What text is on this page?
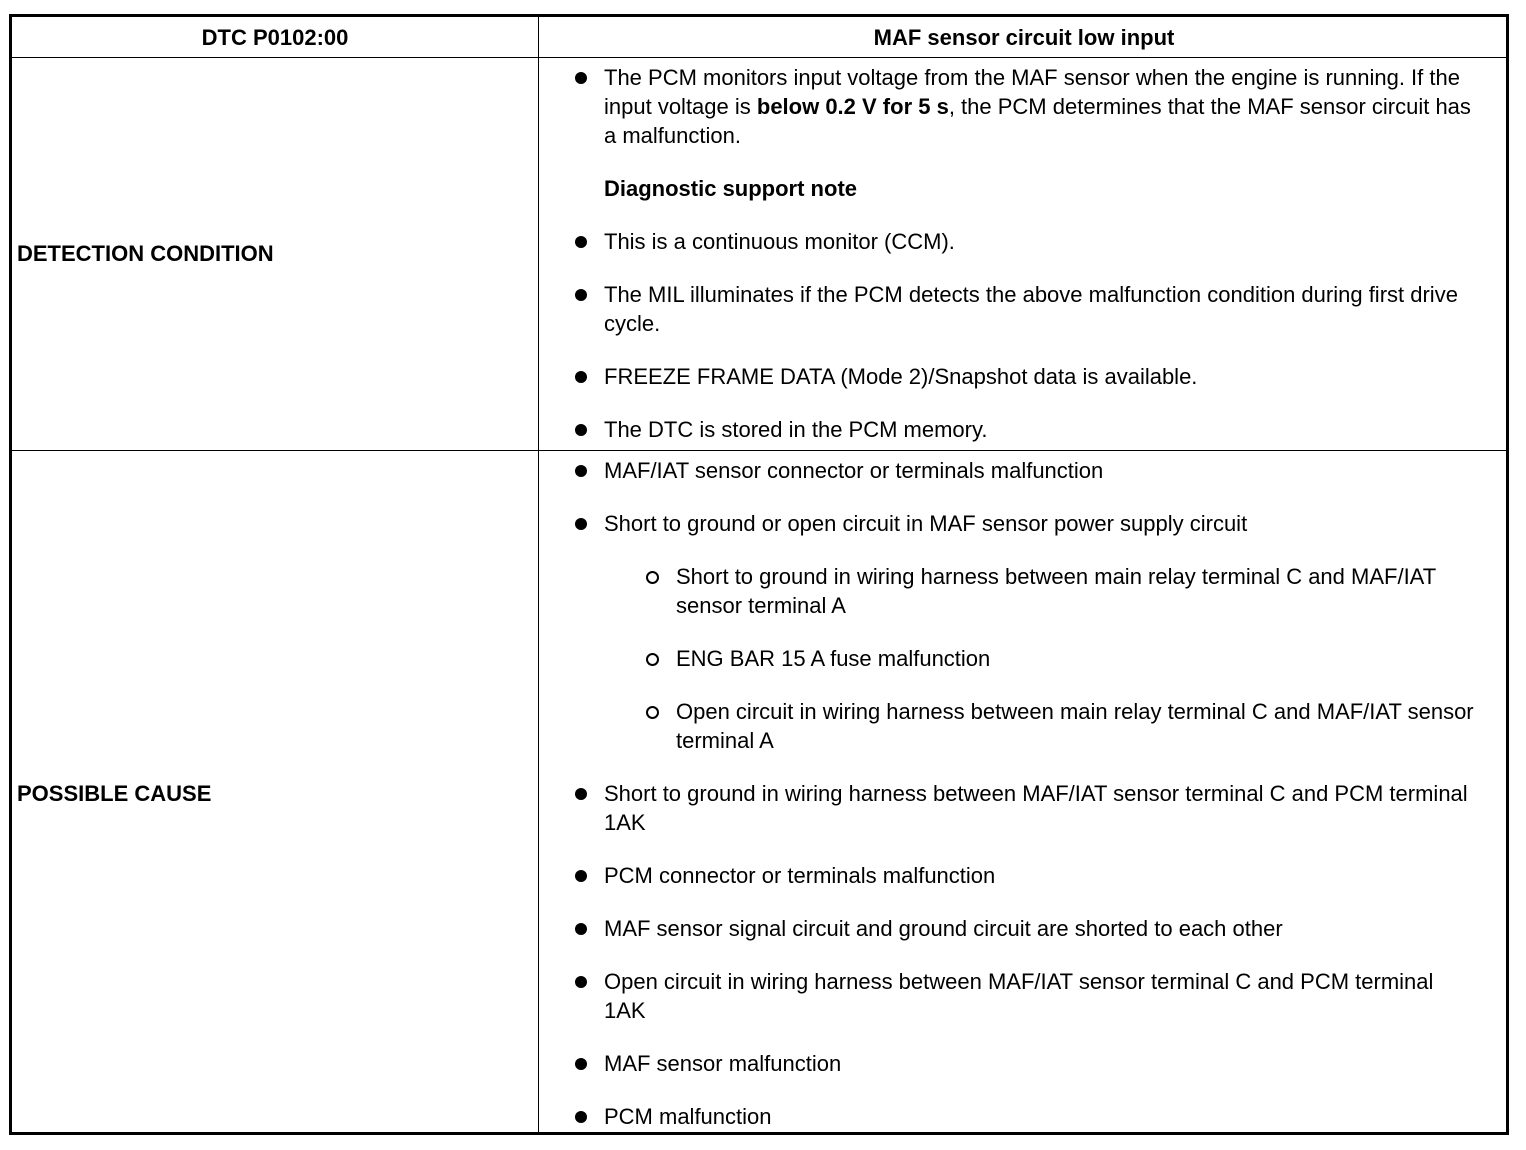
DTC P0102:00	MAF sensor circuit low input
DETECTION CONDITION
The PCM monitors input voltage from the MAF sensor when the engine is running. If the input voltage is below 0.2 V for 5 s, the PCM determines that the MAF sensor circuit has a malfunction.
Diagnostic support note
This is a continuous monitor (CCM).
The MIL illuminates if the PCM detects the above malfunction condition during first drive cycle.
FREEZE FRAME DATA (Mode 2)/Snapshot data is available.
The DTC is stored in the PCM memory.
POSSIBLE CAUSE
MAF/IAT sensor connector or terminals malfunction
Short to ground or open circuit in MAF sensor power supply circuit
Short to ground in wiring harness between main relay terminal C and MAF/IAT sensor terminal A
ENG BAR 15 A fuse malfunction
Open circuit in wiring harness between main relay terminal C and MAF/IAT sensor terminal A
Short to ground in wiring harness between MAF/IAT sensor terminal C and PCM terminal 1AK
PCM connector or terminals malfunction
MAF sensor signal circuit and ground circuit are shorted to each other
Open circuit in wiring harness between MAF/IAT sensor terminal C and PCM terminal 1AK
MAF sensor malfunction
PCM malfunction
